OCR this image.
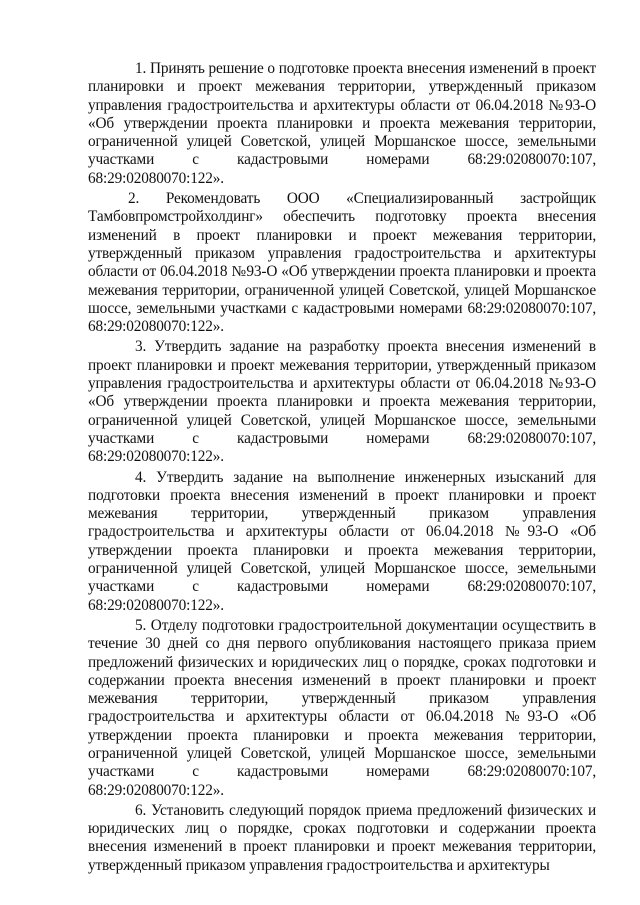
1. Принять решение о подготовке проекта внесения изменений в проект планировки и проект межевания территории, утвержденный приказом управления градостроительства и архитектуры области от 06.04.2018 №93-О «Об утверждении проекта планировки и проекта межевания территории, ограниченной улицей Советской, улицей Моршанское шоссе, земельными участками с кадастровыми номерами 68:29:02080070:107, 68:29:02080070:122».

2. Рекомендовать ООО «Специализированный застройщик Тамбовпромстройхолдинг» обеспечить подготовку проекта внесения изменений в проект планировки и проект межевания территории, утвержденный приказом управления градостроительства и архитектуры области от 06.04.2018 №93-О «Об утверждении проекта планировки и проекта межевания территории, ограниченной улицей Советской, улицей Моршанское шоссе, земельными участками с кадастровыми номерами 68:29:02080070:107, 68:29:02080070:122».

3. Утвердить задание на разработку проекта внесения изменений в проект планировки и проект межевания территории, утвержденный приказом управления градостроительства и архитектуры области от 06.04.2018 №93-О «Об утверждении проекта планировки и проекта межевания территории, ограниченной улицей Советской, улицей Моршанское шоссе, земельными участками с кадастровыми номерами 68:29:02080070:107, 68:29:02080070:122».

4. Утвердить задание на выполнение инженерных изысканий для подготовки проекта внесения изменений в проект планировки и проект межевания территории, утвержденный приказом управления градостроительства и архитектуры области от 06.04.2018 №93-О «Об утверждении проекта планировки и проекта межевания территории, ограниченной улицей Советской, улицей Моршанское шоссе, земельными участками с кадастровыми номерами 68:29:02080070:107, 68:29:02080070:122».

5. Отделу подготовки градостроительной документации осуществить в течение 30 дней со дня первого опубликования настоящего приказа прием предложений физических и юридических лиц о порядке, сроках подготовки и содержании проекта внесения изменений в проект планировки и проект межевания территории, утвержденный приказом управления градостроительства и архитектуры области от 06.04.2018 №93-О «Об утверждении проекта планировки и проекта межевания территории, ограниченной улицей Советской, улицей Моршанское шоссе, земельными участками с кадастровыми номерами 68:29:02080070:107, 68:29:02080070:122».

6. Установить следующий порядок приема предложений физических и юридических лиц о порядке, сроках подготовки и содержании проекта внесения изменений в проект планировки и проект межевания территории, утвержденный приказом управления градостроительства и архитектуры
